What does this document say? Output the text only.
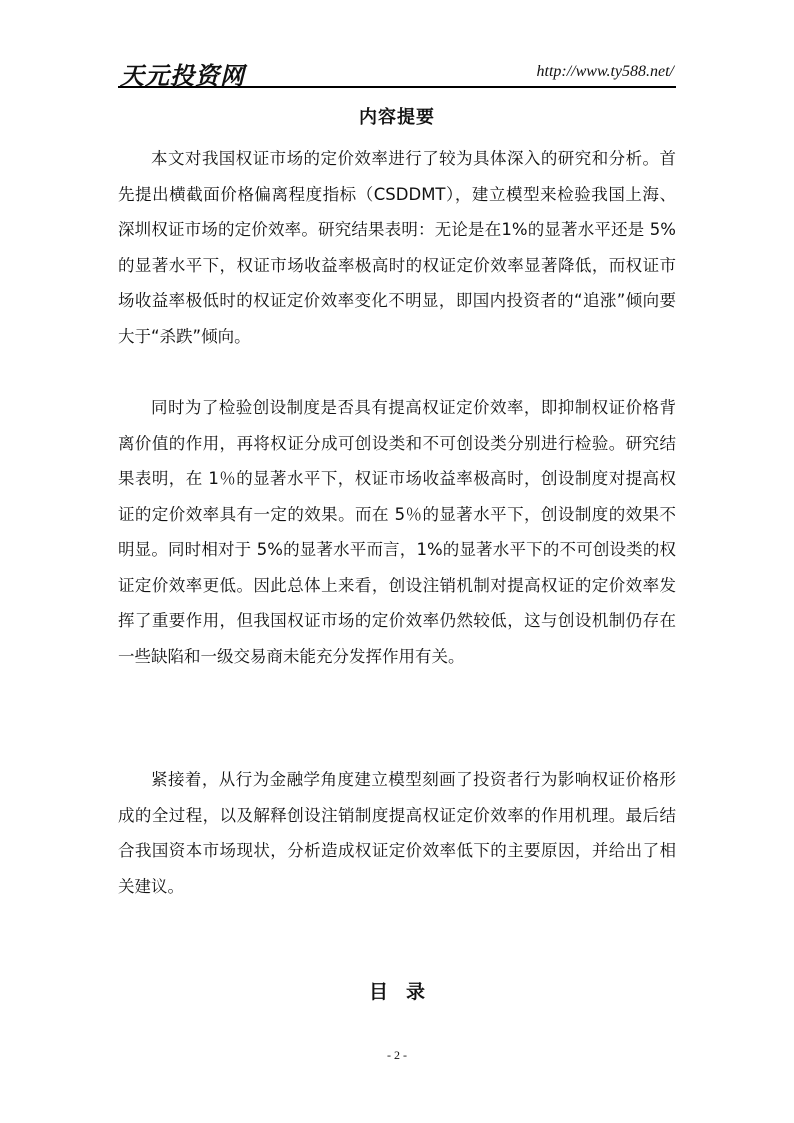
天元投资网	http://www.ty588.net/
内容提要
本文对我国权证市场的定价效率进行了较为具体深入的研究和分析。首先提出横截面价格偏离程度指标（CSDDMT），建立模型来检验我国上海、深圳权证市场的定价效率。研究结果表明：无论是在1%的显著水平还是 5%的显著水平下，权证市场收益率极高时的权证定价效率显著降低，而权证市场收益率极低时的权证定价效率变化不明显，即国内投资者的“追涨”倾向要大于“杀跌”倾向。
同时为了检验创设制度是否具有提高权证定价效率，即抑制权证价格背离价值的作用，再将权证分成可创设类和不可创设类分别进行检验。研究结果表明，在 1％的显著水平下，权证市场收益率极高时，创设制度对提高权证的定价效率具有一定的效果。而在 5％的显著水平下，创设制度的效果不明显。同时相对于 5%的显著水平而言，1%的显著水平下的不可创设类的权证定价效率更低。因此总体上来看，创设注销机制对提高权证的定价效率发挥了重要作用，但我国权证市场的定价效率仍然较低，这与创设机制仍存在一些缺陷和一级交易商未能充分发挥作用有关。
紧接着，从行为金融学角度建立模型刻画了投资者行为影响权证价格形成的全过程，以及解释创设注销制度提高权证定价效率的作用机理。最后结合我国资本市场现状，分析造成权证定价效率低下的主要原因，并给出了相关建议。
目录
- 2 -
